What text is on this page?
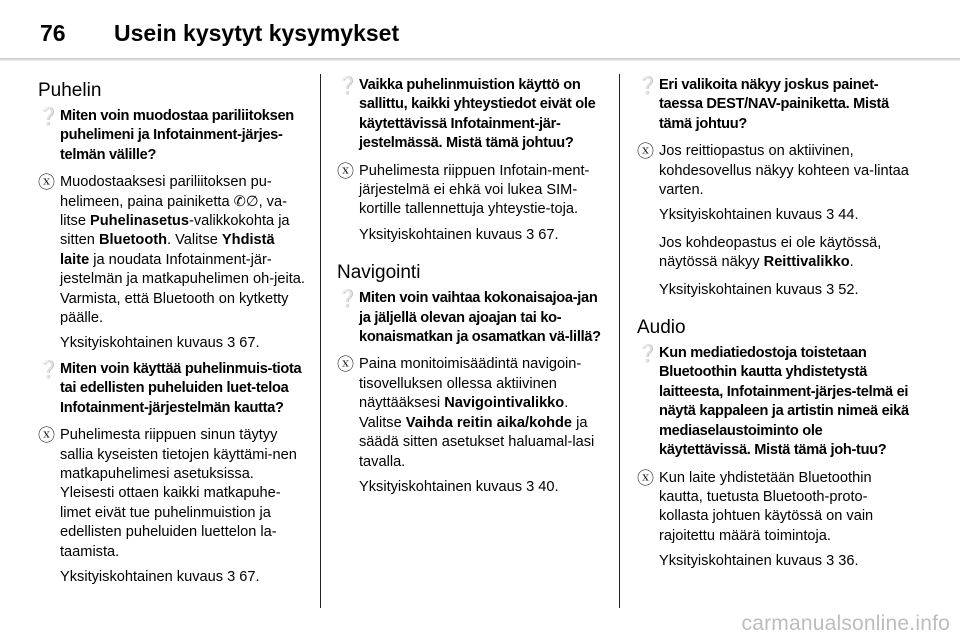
76	Usein kysytyt kysymykset
Puhelin
❔ Miten voin muodostaa pariliitoksen puhelimeni ja Infotainment-järjes-telmän välille?
ⓧ Muodostaaksesi pariliitoksen pu-helimeen, paina painiketta ✆∅, va-litse Puhelinasetus-valikkokohta ja sitten Bluetooth. Valitse Yhdistä laite ja noudata Infotainment-jär-jestelmän ja matkapuhelimen oh-jeita. Varmista, että Bluetooth on kytketty päälle.
Yksityiskohtainen kuvaus 3 67.
❔ Miten voin käyttää puhelinmuis-tiota tai edellisten puheluiden luet-teloa Infotainment-järjestelmän kautta?
ⓧ Puhelimesta riippuen sinun täytyy sallia kyseisten tietojen käyttämi-nen matkapuhelimesi asetuksissa. Yleisesti ottaen kaikki matkapuhe-limet eivät tue puhelinmuistion ja edellisten puheluiden luettelon la-taamista.
Yksityiskohtainen kuvaus 3 67.
❔ Vaikka puhelinmuistion käyttö on sallittu, kaikki yhteystiedot eivät ole käytettävissä Infotainment-jär-jestelmässä. Mistä tämä johtuu?
ⓧ Puhelimesta riippuen Infotain-ment-järjestelmä ei ehkä voi lukea SIM-kortille tallennettuja yhteystie-toja.
Yksityiskohtainen kuvaus 3 67.
Navigointi
❔ Miten voin vaihtaa kokonaisajoa-jan ja jäljellä olevan ajoajan tai ko-konaismatkan ja osamatkan vä-lillä?
ⓧ Paina monitoimisäädintä navigoin-tisovelluksen ollessa aktiivinen näyttääksesi Navigointivalikko. Valitse Vaihda reitin aika/kohde ja säädä sitten asetukset haluamal-lasi tavalla.
Yksityiskohtainen kuvaus 3 40.
❔ Eri valikoita näkyy joskus painet-taessa DEST/NAV-painiketta. Mistä tämä johtuu?
ⓧ Jos reittiopastus on aktiivinen, kohdesovellus näkyy kohteen va-lintaa varten.
Yksityiskohtainen kuvaus 3 44.
Jos kohdeopastus ei ole käytössä, näytössä näkyy Reittivalikko.
Yksityiskohtainen kuvaus 3 52.
Audio
❔ Kun mediatiedostoja toistetaan Bluetoothin kautta yhdistetystä laitteesta, Infotainment-järjes-telmä ei näytä kappaleen ja artistin nimeä eikä mediaselaustoiminto ole käytettävissä. Mistä tämä joh-tuu?
ⓧ Kun laite yhdistetään Bluetoothin kautta, tuetusta Bluetooth-proto-kollasta johtuen käytössä on vain rajoitettu määrä toimintoja.
Yksityiskohtainen kuvaus 3 36.
carmanualsonline.info
